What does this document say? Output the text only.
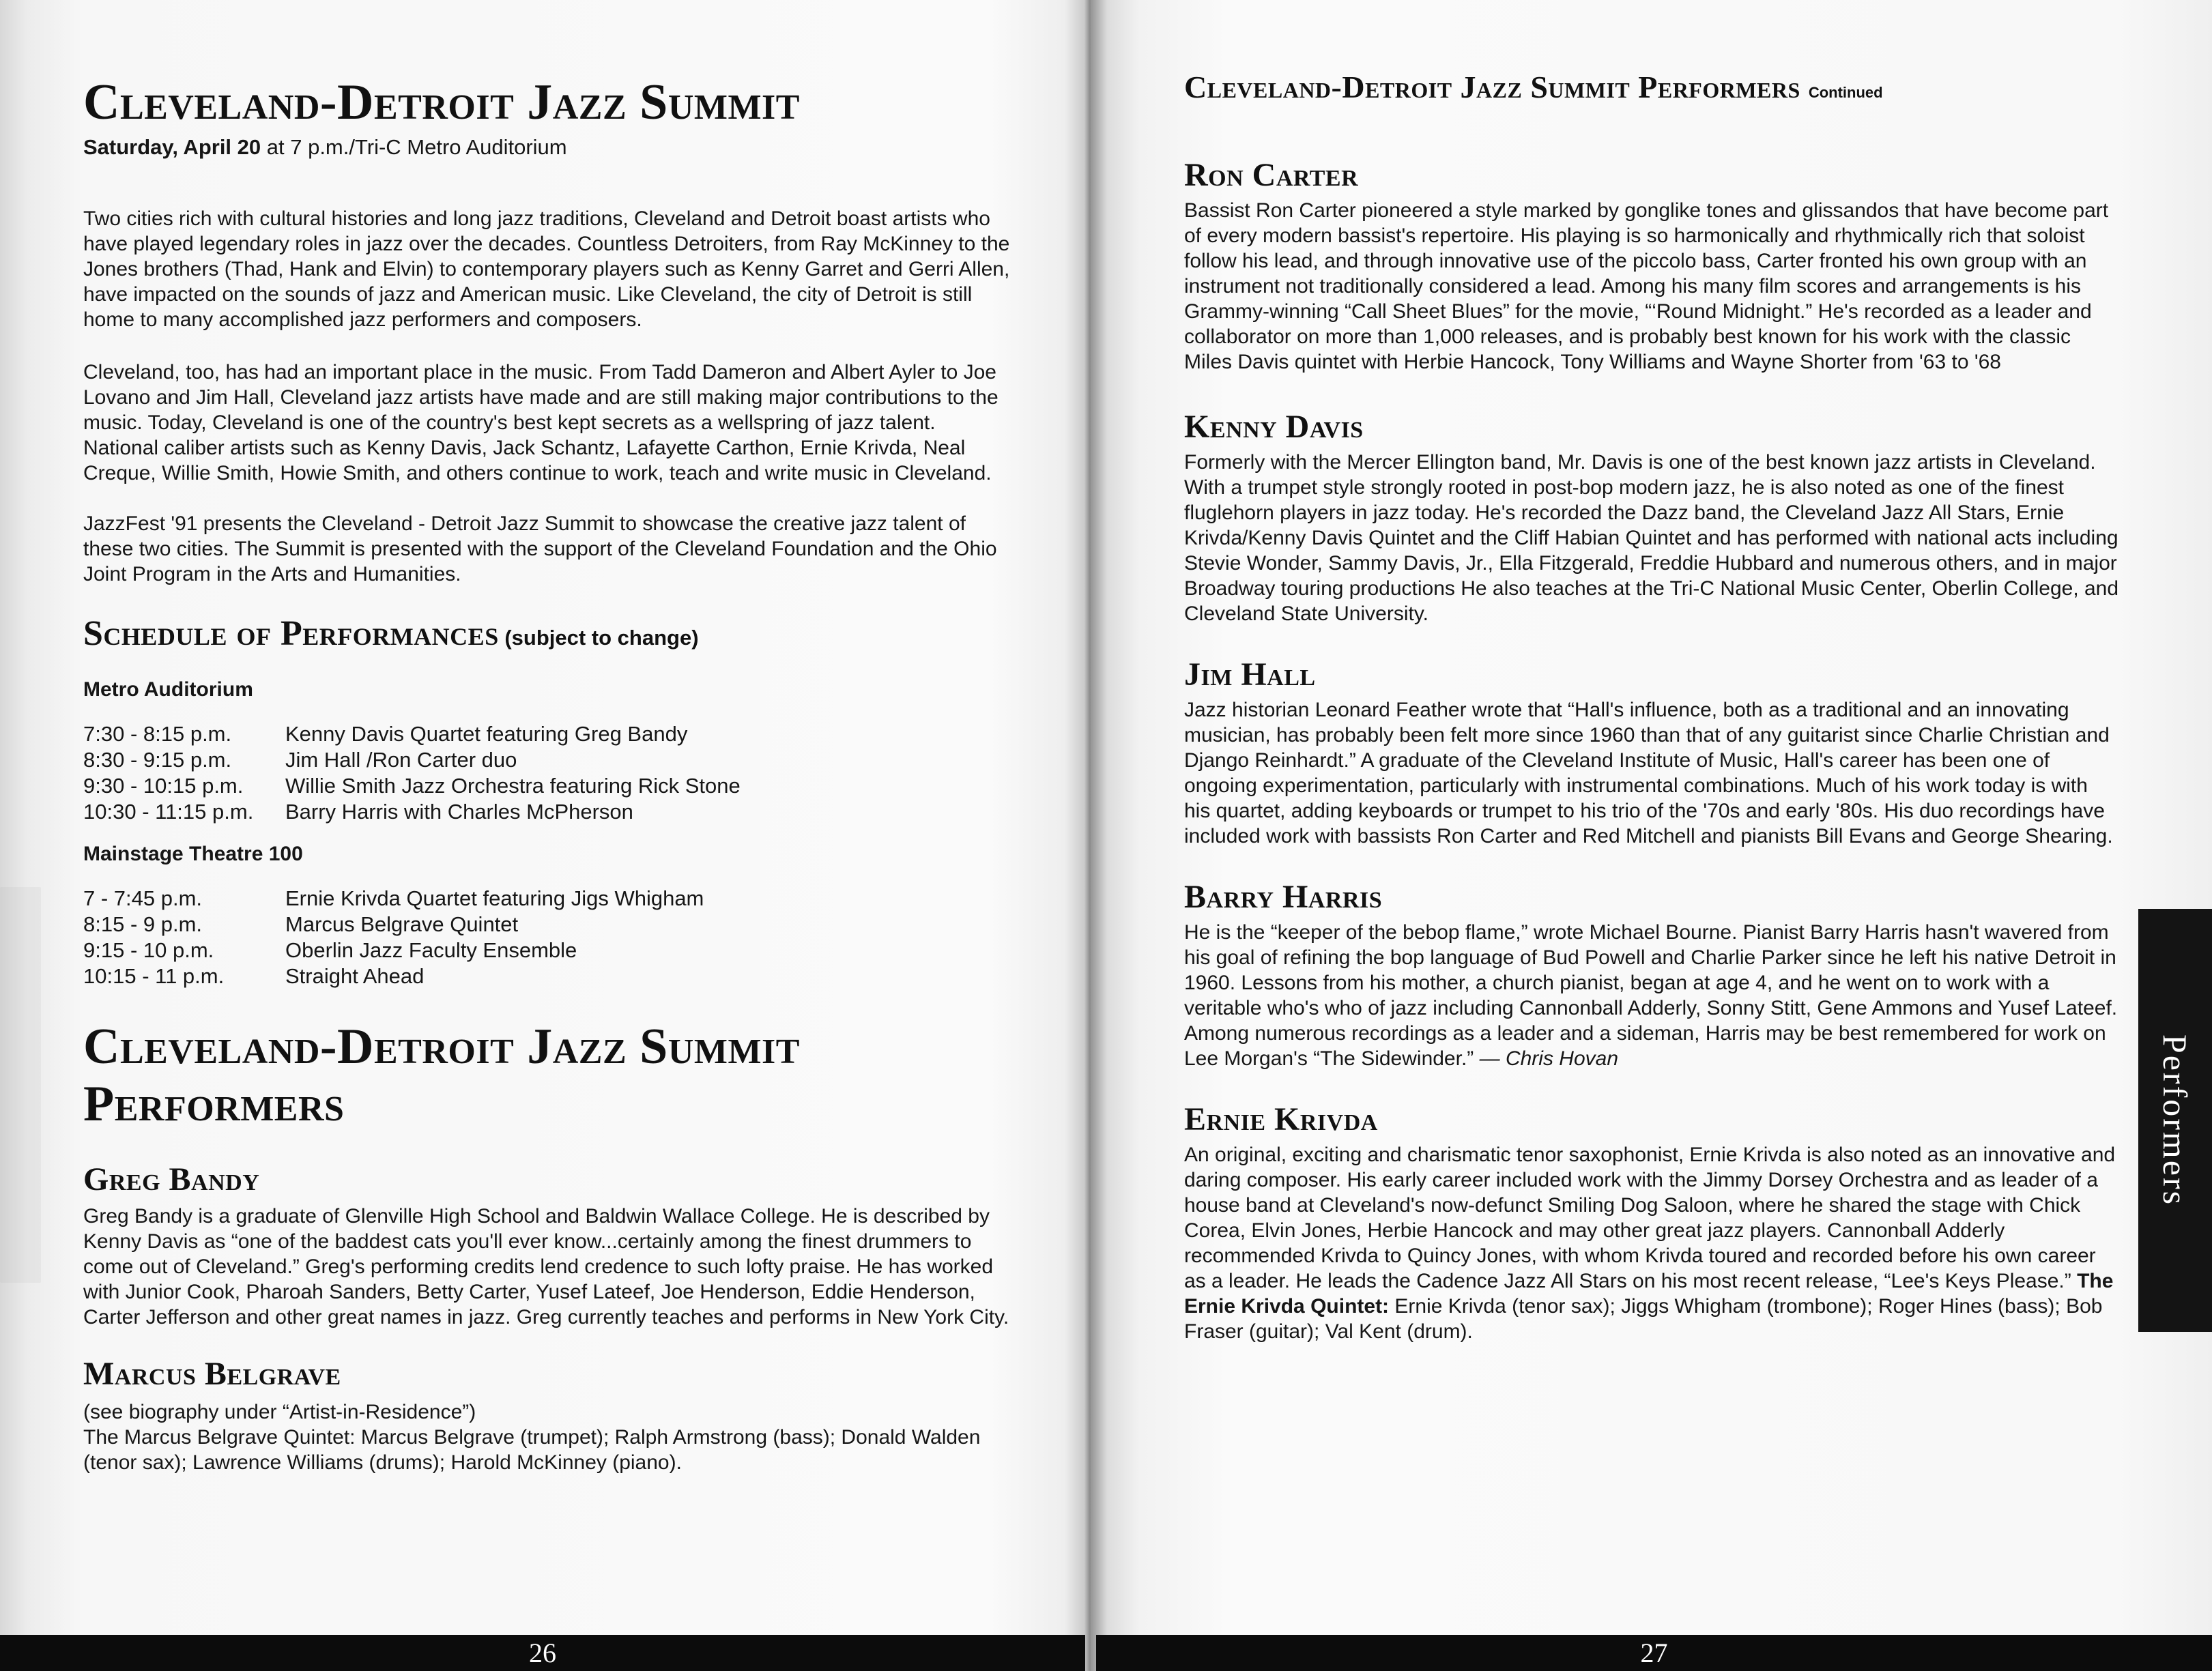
Cleveland-Detroit Jazz Summit

Saturday, April 20 at 7 p.m./Tri-C Metro Auditorium

Two cities rich with cultural histories and long jazz traditions, Cleveland and Detroit boast artists who have played legendary roles in jazz over the decades. Countless Detroiters, from Ray McKinney to the Jones brothers (Thad, Hank and Elvin) to contemporary players such as Kenny Garret and Gerri Allen, have impacted on the sounds of jazz and American music. Like Cleveland, the city of Detroit is still home to many accomplished jazz performers and composers.

Cleveland, too, has had an important place in the music. From Tadd Dameron and Albert Ayler to Joe Lovano and Jim Hall, Cleveland jazz artists have made and are still making major contributions to the music. Today, Cleveland is one of the country's best kept secrets as a wellspring of jazz talent. National caliber artists such as Kenny Davis, Jack Schantz, Lafayette Carthon, Ernie Krivda, Neal Creque, Willie Smith, Howie Smith, and others continue to work, teach and write music in Cleveland.

JazzFest '91 presents the Cleveland - Detroit Jazz Summit to showcase the creative jazz talent of these two cities. The Summit is presented with the support of the Cleveland Foundation and the Ohio Joint Program in the Arts and Humanities.

Schedule of Performances (subject to change)

Metro Auditorium

7:30 - 8:15 p.m.	Kenny Davis Quartet featuring Greg Bandy
8:30 - 9:15 p.m.	Jim Hall /Ron Carter duo
9:30 - 10:15 p.m.	Willie Smith Jazz Orchestra featuring Rick Stone
10:30 - 11:15 p.m.	Barry Harris with Charles McPherson

Mainstage Theatre 100

7 - 7:45 p.m.	Ernie Krivda Quartet featuring Jigs Whigham
8:15 - 9 p.m.	Marcus Belgrave Quintet
9:15 - 10 p.m.	Oberlin Jazz Faculty Ensemble
10:15 - 11 p.m.	Straight Ahead
Cleveland-Detroit Jazz Summit Performers
Greg Bandy

Greg Bandy is a graduate of Glenville High School and Baldwin Wallace College. He is described by Kenny Davis as “one of the baddest cats you'll ever know...certainly among the finest drummers to come out of Cleveland.” Greg's performing credits lend credence to such lofty praise. He has worked with Junior Cook, Pharoah Sanders, Betty Carter, Yusef Lateef, Joe Henderson, Eddie Henderson, Carter Jefferson and other great names in jazz. Greg currently teaches and performs in New York City.

Marcus Belgrave

(see biography under “Artist-in-Residence”)

The Marcus Belgrave Quintet: Marcus Belgrave (trumpet); Ralph Armstrong (bass); Donald Walden (tenor sax); Lawrence Williams (drums); Harold McKinney (piano).

Cleveland-Detroit Jazz Summit Performers Continued
Ron Carter

Bassist Ron Carter pioneered a style marked by gonglike tones and glissandos that have become part of every modern bassist's repertoire. His playing is so harmonically and rhythmically rich that soloist follow his lead, and through innovative use of the piccolo bass, Carter fronted his own group with an instrument not traditionally considered a lead. Among his many film scores and arrangements is his Grammy-winning “Call Sheet Blues” for the movie, “‘Round Midnight.” He's recorded as a leader and collaborator on more than 1,000 releases, and is probably best known for his work with the classic Miles Davis quintet with Herbie Hancock, Tony Williams and Wayne Shorter from '63 to '68

Kenny Davis

Formerly with the Mercer Ellington band, Mr. Davis is one of the best known jazz artists in Cleveland. With a trumpet style strongly rooted in post-bop modern jazz, he is also noted as one of the finest fluglehorn players in jazz today. He's recorded the Dazz band, the Cleveland Jazz All Stars, Ernie Krivda/Kenny Davis Quintet and the Cliff Habian Quintet and has performed with national acts including Stevie Wonder, Sammy Davis, Jr., Ella Fitzgerald, Freddie Hubbard and numerous others, and in major Broadway touring productions He also teaches at the Tri-C National Music Center, Oberlin College, and Cleveland State University.

Jim Hall

Jazz historian Leonard Feather wrote that “Hall's influence, both as a traditional and an innovating musician, has probably been felt more since 1960 than that of any guitarist since Charlie Christian and Django Reinhardt.” A graduate of the Cleveland Institute of Music, Hall's career has been one of ongoing experimentation, particularly with instrumental combinations. Much of his work today is with his quartet, adding keyboards or trumpet to his trio of the '70s and early '80s. His duo recordings have included work with bassists Ron Carter and Red Mitchell and pianists Bill Evans and George Shearing.

Barry Harris

He is the “keeper of the bebop flame,” wrote Michael Bourne. Pianist Barry Harris hasn't wavered from his goal of refining the bop language of Bud Powell and Charlie Parker since he left his native Detroit in 1960. Lessons from his mother, a church pianist, began at age 4, and he went on to work with a veritable who's who of jazz including Cannonball Adderly, Sonny Stitt, Gene Ammons and Yusef Lateef. Among numerous recordings as a leader and a sideman, Harris may be best remembered for work on Lee Morgan's “The Sidewinder.” — Chris Hovan

Ernie Krivda

An original, exciting and charismatic tenor saxophonist, Ernie Krivda is also noted as an innovative and daring composer. His early career included work with the Jimmy Dorsey Orchestra and as leader of a house band at Cleveland's now-defunct Smiling Dog Saloon, where he shared the stage with Chick Corea, Elvin Jones, Herbie Hancock and may other great jazz players. Cannonball Adderly recommended Krivda to Quincy Jones, with whom Krivda toured and recorded before his own career as a leader. He leads the Cadence Jazz All Stars on his most recent release, “Lee's Keys Please.” The Ernie Krivda Quintet: Ernie Krivda (tenor sax); Jiggs Whigham (trombone); Roger Hines (bass); Bob Fraser (guitar); Val Kent (drum).

Performers
26	27
